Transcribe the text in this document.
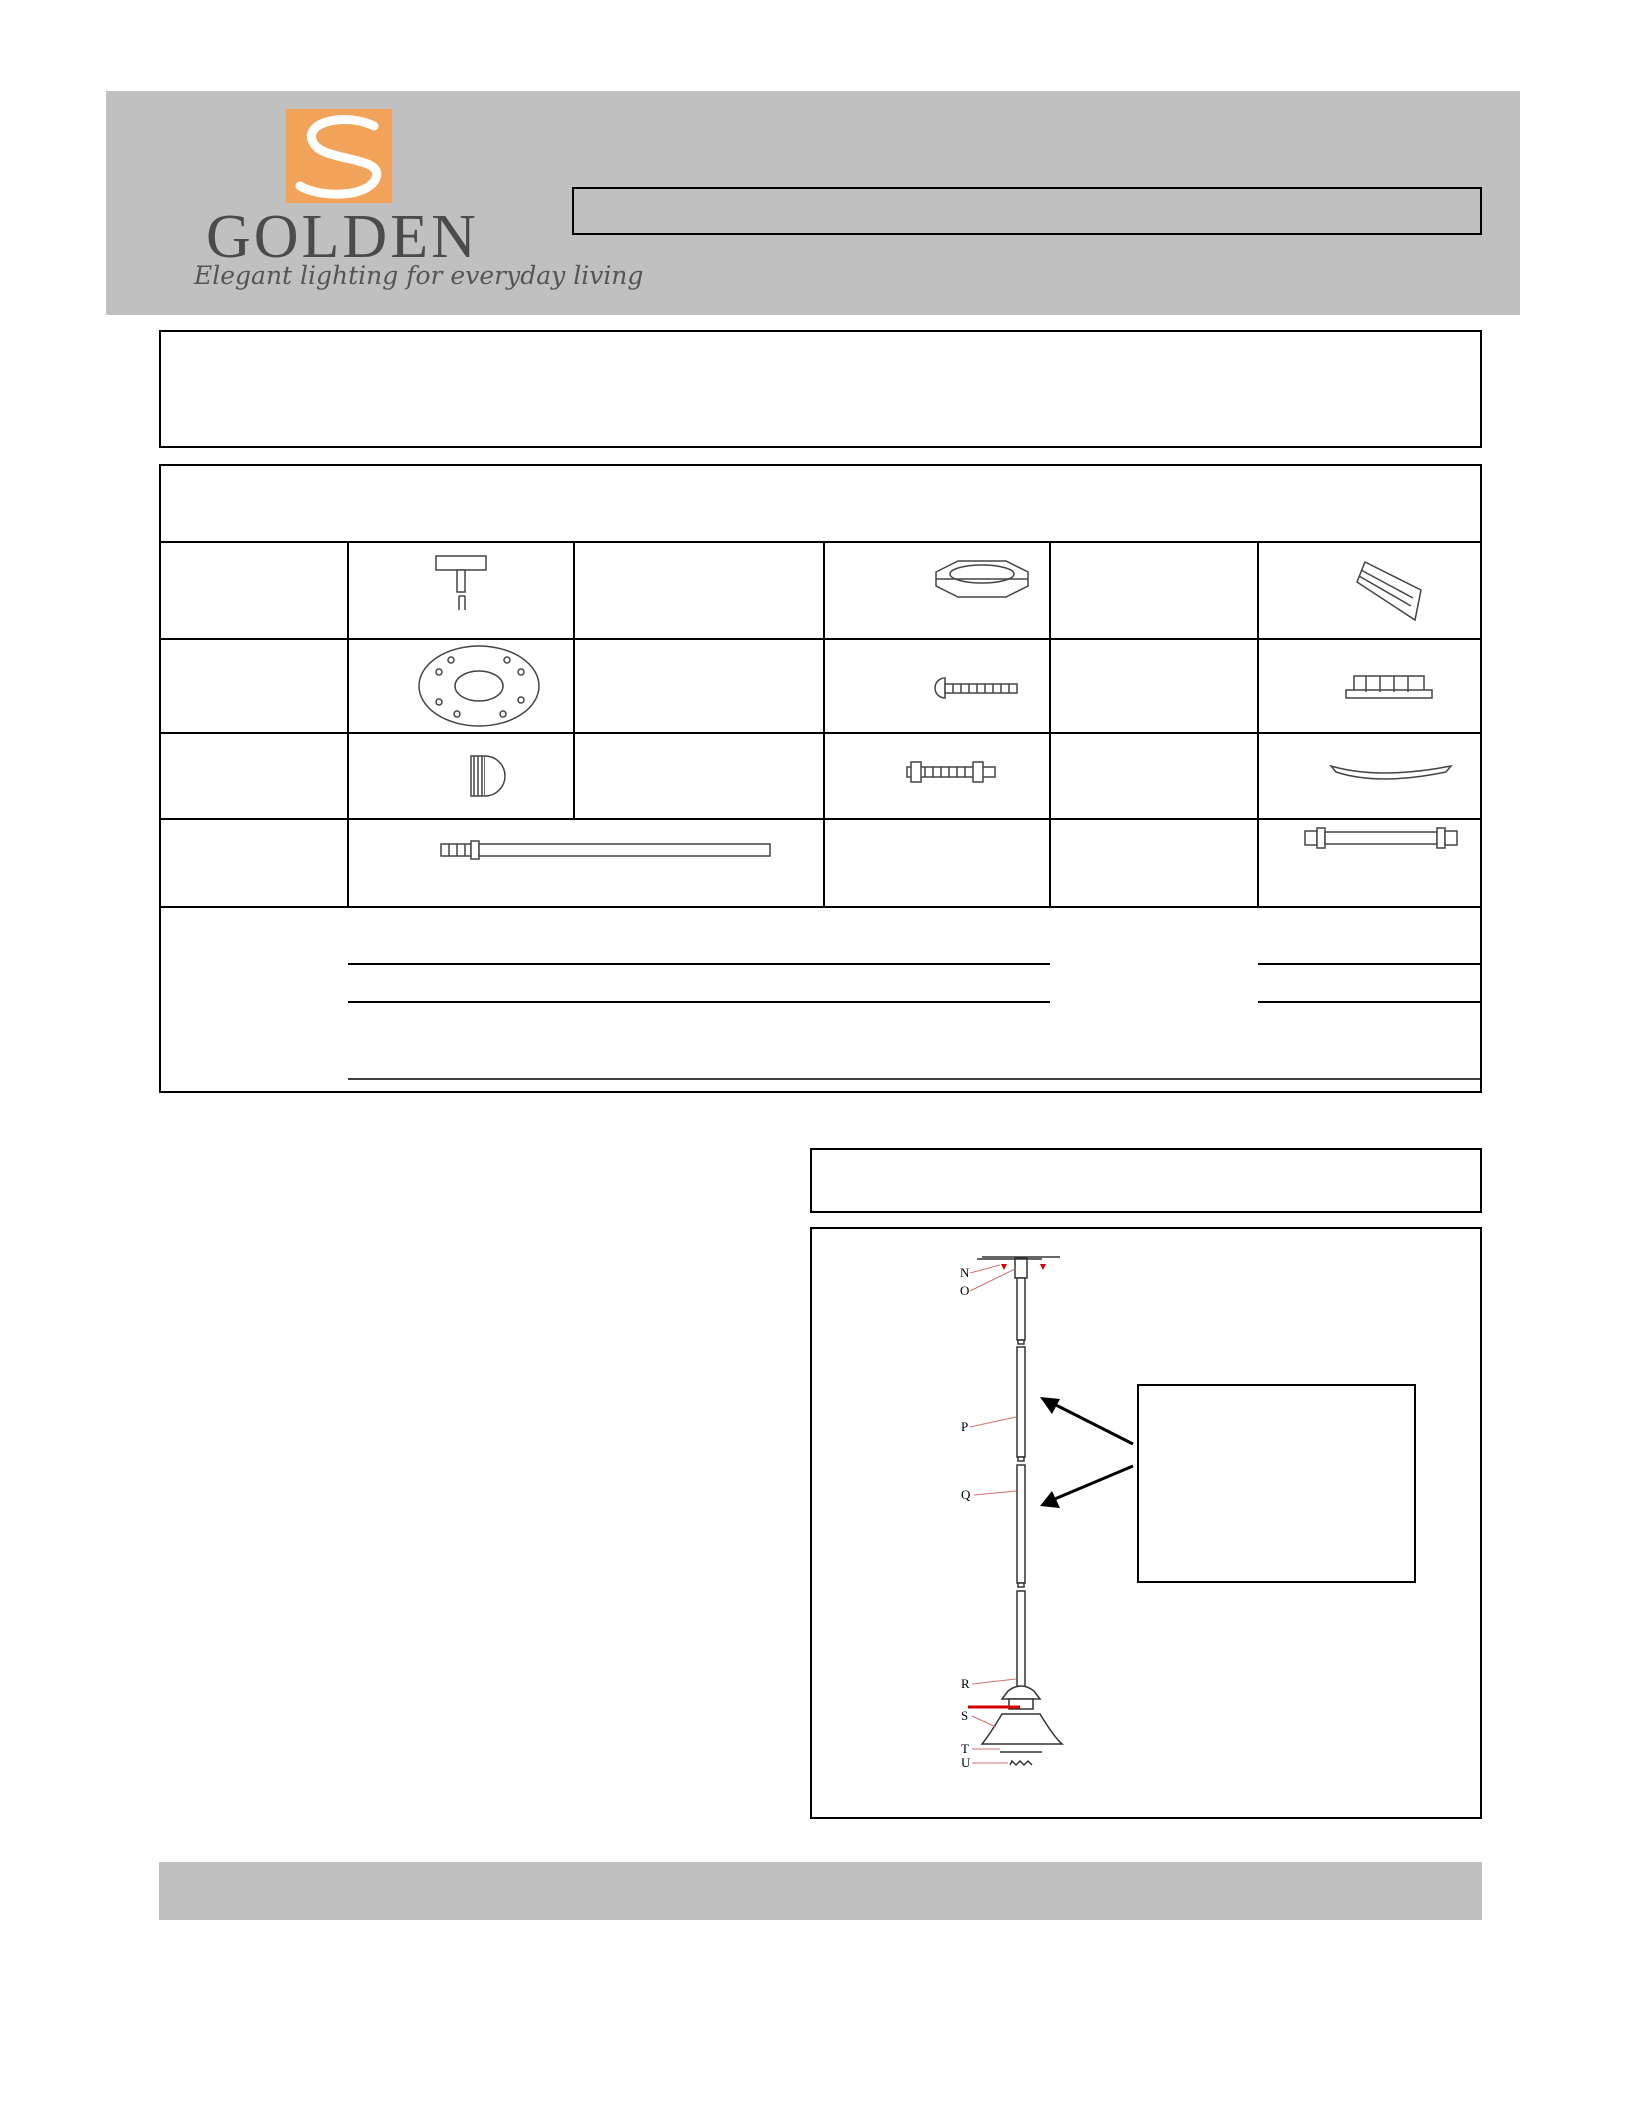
GOLDEN
Elegant lighting for everyday living
N
O
P
Q
R
S
T
U
